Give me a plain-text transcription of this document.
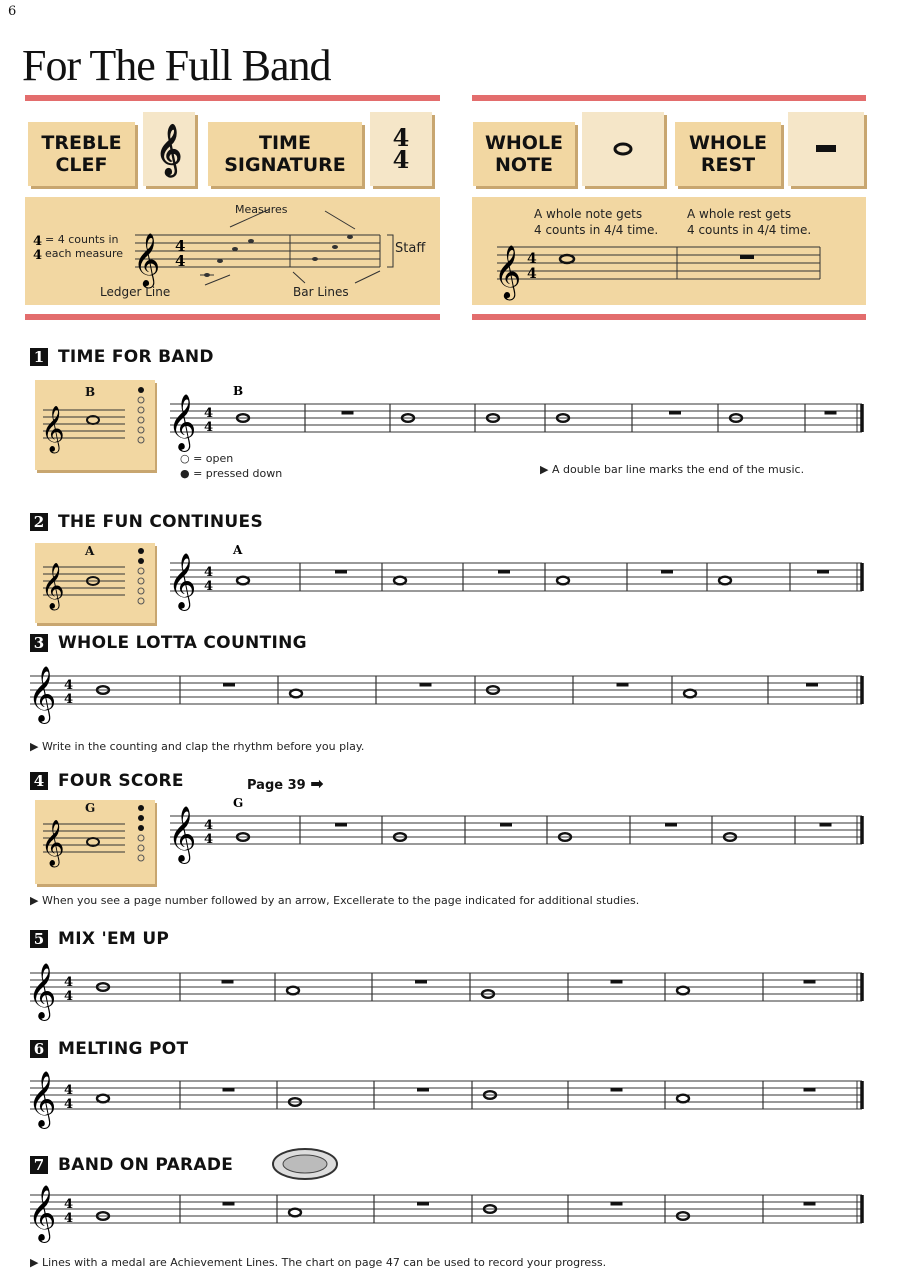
6
For The Full Band
TREBLE CLEF	𝄞	TIME SIGNATURE
4
4
𝄞 4
4
4
4
= 4 counts in each measure
Measures
Staff
Ledger Line	Bar Lines
WHOLE NOTE
WHOLE REST
𝄞 4
4
A whole note gets
4 counts in 4/4 time.
A whole rest gets
4 counts in 4/4 time.
1 TIME FOR BAND
2 THE FUN CONTINUES
3 WHOLE LOTTA COUNTING
4 FOUR SCORE	Page 39 ➡
5 MIX 'EM UP
6 MELTING POT
7 BAND ON PARADE
𝄞
B
𝄞
A
𝄞
G
○ = open
● = pressed down	▶ A double bar line marks the end of the music.
▶ Write in the counting and clap the rhythm before you play.
▶ When you see a page number followed by an arrow, Excellerate to the page indicated for additional studies.
▶ Lines with a medal are Achievement Lines. The chart on page 47 can be used to record your progress.
𝄞 4
4
B
𝄞 4
4
A
𝄞 4
4
𝄞 4
4
G
𝄞 4
4
𝄞 4
4
𝄞 4
4
